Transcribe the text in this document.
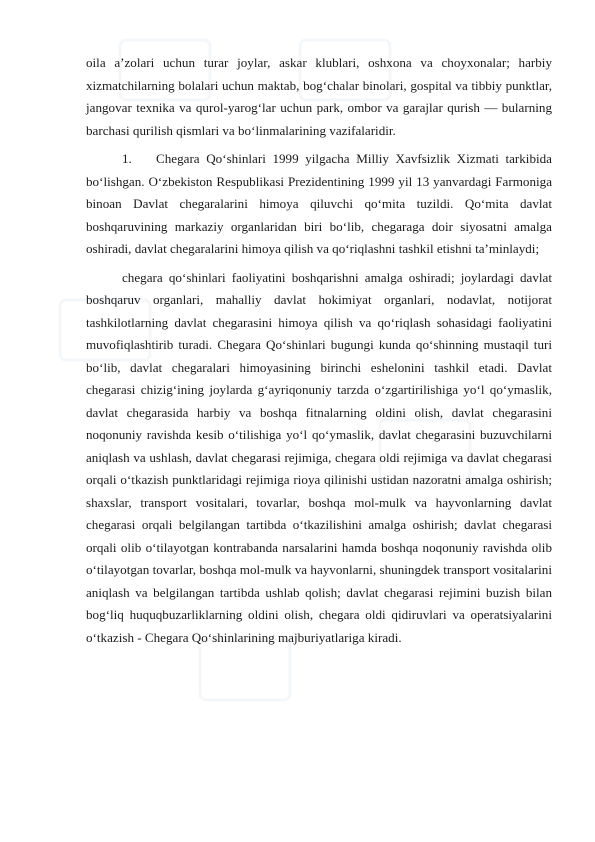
oila aʼzolari uchun turar joylar, askar klublari, oshxona va choyxonalar; harbiy xizmatchilarning bolalari uchun maktab, bogʻchalar binolari, gospital va tibbiy punktlar, jangovar texnika va qurol-yarogʻlar uchun park, ombor va garajlar qurish — bularning barchasi qurilish qismlari va boʻlinmalarining vazifalaridir.

1. Chegara Qoʻshinlari 1999 yilgacha Milliy Xavfsizlik Xizmati tarkibida boʻlishgan. Oʻzbekiston Respublikasi Prezidentining 1999 yil 13 yanvardagi Farmoniga binoan Davlat chegaralarini himoya qiluvchi qoʻmita tuzildi. Qoʻmita davlat boshqaruvining markaziy organlaridan biri boʻlib, chegaraga doir siyosatni amalga oshiradi, davlat chegaralarini himoya qilish va qoʻriqlashni tashkil etishni taʼminlaydi;

chegara qoʻshinlari faoliyatini boshqarishni amalga oshiradi; joylardagi davlat boshqaruv organlari, mahalliy davlat hokimiyat organlari, nodavlat, notijorat tashkilotlarning davlat chegarasini himoya qilish va qoʻriqlash sohasidagi faoliyatini muvofiqlashtirib turadi. Chegara Qoʻshinlari bugungi kunda qoʻshinning mustaqil turi boʻlib, davlat chegaralari himoyasining birinchi eshelonini tashkil etadi. Davlat chegarasi chizigʻining joylarda gʻayriqonuniy tarzda oʻzgartirilishiga yoʻl qoʻymaslik, davlat chegarasida harbiy va boshqa fitnalarning oldini olish, davlat chegarasini noqonuniy ravishda kesib oʻtilishiga yoʻl qoʻymaslik, davlat chegarasini buzuvchilarni aniqlash va ushlash, davlat chegarasi rejimiga, chegara oldi rejimiga va davlat chegarasi orqali oʻtkazish punktlaridagi rejimiga rioya qilinishi ustidan nazoratni amalga oshirish; shaxslar, transport vositalari, tovarlar, boshqa mol-mulk va hayvonlarning davlat chegarasi orqali belgilangan tartibda oʻtkazilishini amalga oshirish; davlat chegarasi orqali olib oʻtilayotgan kontrabanda narsalarini hamda boshqa noqonuniy ravishda olib oʻtilayotgan tovarlar, boshqa mol-mulk va hayvonlarni, shuningdek transport vositalarini aniqlash va belgilangan tartibda ushlab qolish; davlat chegarasi rejimini buzish bilan bogʻliq huquqbuzarliklarning oldini olish, chegara oldi qidiruvlari va operatsiyalarini oʻtkazish - Chegara Qoʻshinlarining majburiyatlariga kiradi.
